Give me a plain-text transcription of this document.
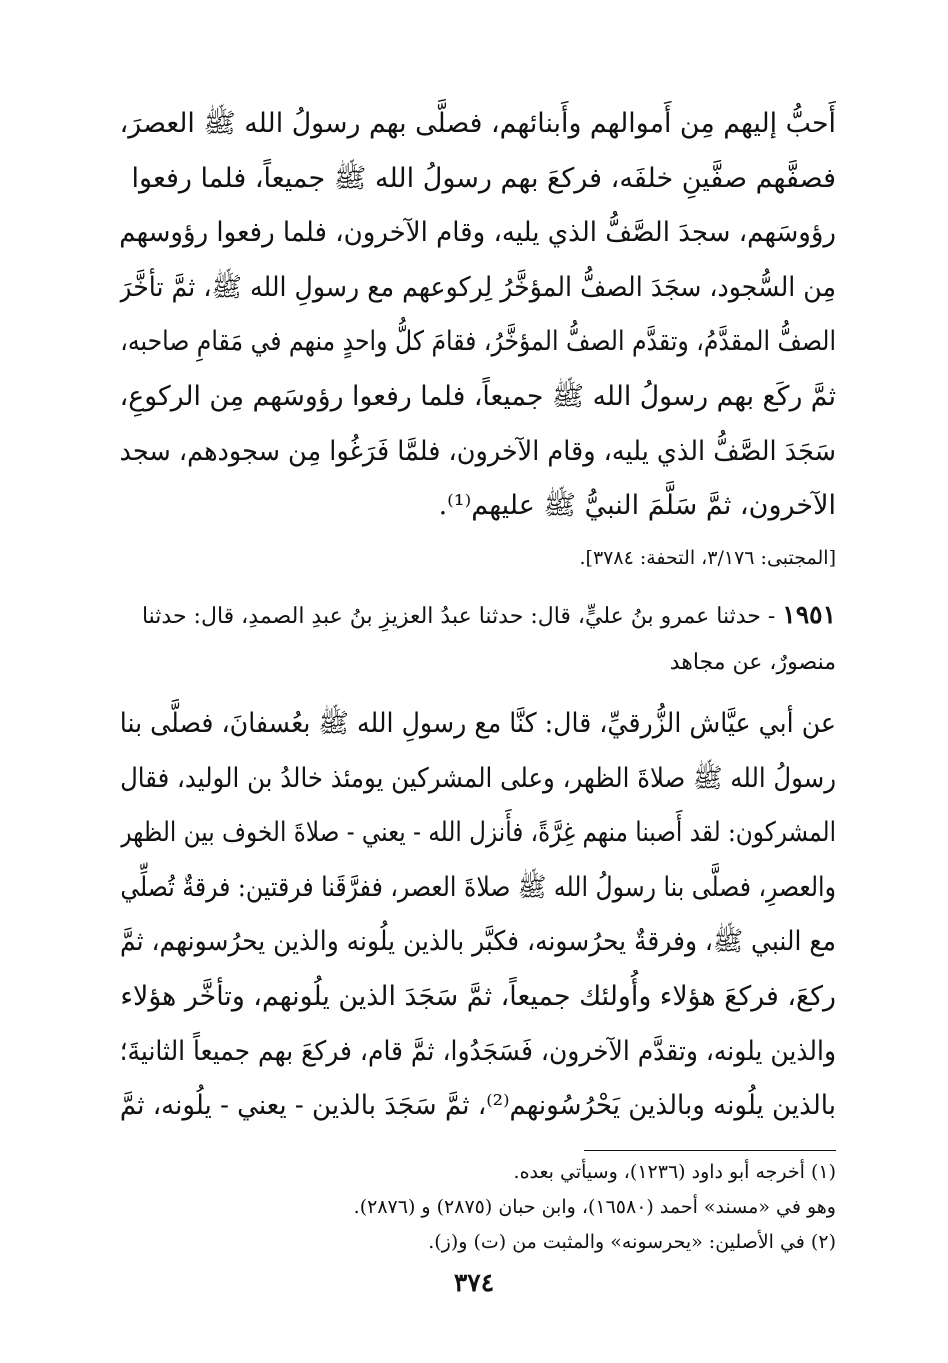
أَحبُّ إليهم مِن أَموالهم وأَبنائهم، فصلَّى بهم رسولُ الله ﷺ العصرَ،
فصفَّهم صفَّينِ خلفَه، فركعَ بهم رسولُ الله ﷺ جميعاً، فلما رفعوا
رؤوسَهم، سجدَ الصَّفُّ الذي يليه، وقام الآخرون، فلما رفعوا رؤوسهم
مِن السُّجود، سجَدَ الصفُّ المؤخَّرُ لِركوعهم مع رسولِ الله ﷺ، ثمَّ تأخَّرَ
الصفُّ المقدَّمُ، وتقدَّم الصفُّ المؤخَّرُ، فقامَ كلُّ واحدٍ منهم في مَقامِ صاحبه،
ثمَّ ركَع بهم رسولُ الله ﷺ جميعاً، فلما رفعوا رؤوسَهم مِن الركوعِ،
سَجَدَ الصَّفُّ الذي يليه، وقام الآخرون، فلمَّا فَرَغُوا مِن سجودهم، سجد
الآخرون، ثمَّ سَلَّمَ النبيُّ ﷺ عليهم⁽¹⁾.
[المجتبى: ٣/١٧٦، التحفة: ٣٧٨٤].
١٩٥١ - حدثنا عمرو بنُ عليٍّ، قال: حدثنا عبدُ العزيزِ بنُ عبدِ الصمدِ، قال: حدثنا
منصورٌ، عن مجاهد
عن أبي عيَّاش الزُّرقيِّ، قال: كنَّا مع رسولِ الله ﷺ بعُسفانَ، فصلَّى بنا
رسولُ الله ﷺ صلاةَ الظهر، وعلى المشركين يومئذ خالدُ بن الوليد، فقال
المشركون: لقد أَصبنا منهم غِرَّةً، فأَنزل الله - يعني - صلاةَ الخوف بين الظهر
والعصرِ، فصلَّى بنا رسولُ الله ﷺ صلاةَ العصر، ففرَّقَنا فرقتين: فرقةٌ تُصلِّي
مع النبي ﷺ، وفرقةٌ يحرُسونه، فكبَّر بالذين يلُونه والذين يحرُسونهم، ثمَّ
ركعَ، فركعَ هؤلاء وأُولئك جميعاً، ثمَّ سَجَدَ الذين يلُونهم، وتأخَّر هؤلاء
والذين يلونه، وتقدَّم الآخرون، فَسَجَدُوا، ثمَّ قام، فركعَ بهم جميعاً الثانيةَ؛
بالذين يلُونه وبالذين يَحْرُسُونهم⁽²⁾، ثمَّ سَجَدَ بالذين - يعني - يلُونه، ثمَّ
(١) أخرجه أبو داود (١٢٣٦)، وسيأتي بعده.
وهو في «مسند» أحمد (١٦٥٨٠)، وابن حبان (٢٨٧٥) و (٢٨٧٦).
(٢) في الأصلين: «يحرسونه» والمثبت من (ت) و(ز).
٣٧٤
